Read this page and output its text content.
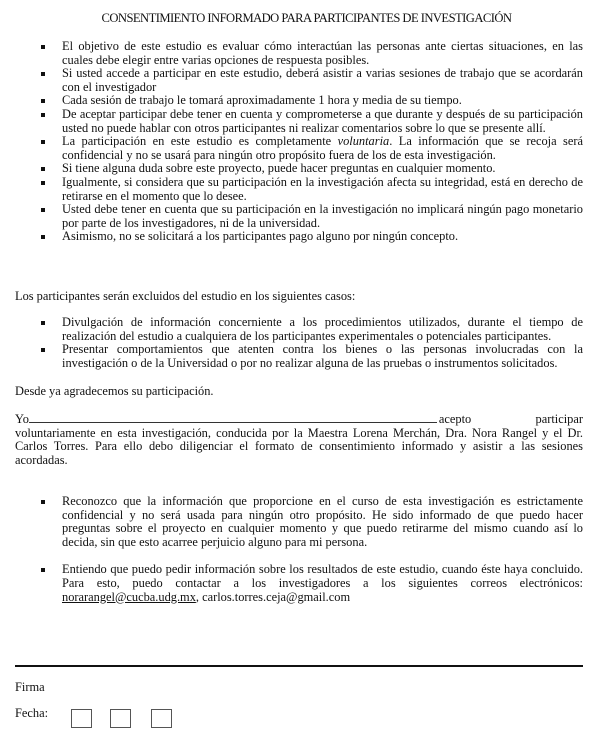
CONSENTIMIENTO INFORMADO PARA PARTICIPANTES DE INVESTIGACIÓN
El objetivo de este estudio es evaluar cómo interactúan las personas ante ciertas situaciones, en las cuales debe elegir entre varias opciones de respuesta posibles.
Si usted accede a participar en este estudio, deberá asistir a varias sesiones de trabajo que se acordarán con el investigador
Cada sesión de trabajo le tomará aproximadamente 1 hora y media de su tiempo.
De aceptar participar debe tener en cuenta y comprometerse a que durante y después de su participación usted no puede hablar con otros participantes ni realizar comentarios sobre lo que se presente allí.
La participación en este estudio es completamente voluntaria. La información que se recoja será confidencial y no se usará para ningún otro propósito fuera de los de esta investigación.
Si tiene alguna duda sobre este proyecto, puede hacer preguntas en cualquier momento.
Igualmente, si considera que su participación en la investigación afecta su integridad, está en derecho de retirarse en el momento que lo desee.
Usted debe tener en cuenta que su participación en la investigación no implicará ningún pago monetario por parte de los investigadores, ni de la universidad.
Asimismo, no se solicitará a los participantes pago alguno por ningún concepto.
Los participantes serán excluidos del estudio en los siguientes casos:
Divulgación de información concerniente a los procedimientos utilizados, durante el tiempo de realización del estudio a cualquiera de los participantes experimentales o potenciales participantes.
Presentar comportamientos que atenten contra los bienes o las personas involucradas con la investigación o de la Universidad o por no realizar alguna de las pruebas o instrumentos solicitados.
Desde ya agradecemos su participación.
Yo	acepto	participar
voluntariamente en esta investigación, conducida por la Maestra Lorena Merchán, Dra. Nora Rangel y el Dr. Carlos Torres. Para ello debo diligenciar el formato de consentimiento informado y asistir a las sesiones acordadas.
Reconozco que la información que proporcione en el curso de esta investigación es estrictamente confidencial y no será usada para ningún otro propósito. He sido informado de que puedo hacer preguntas sobre el proyecto en cualquier momento y que puedo retirarme del mismo cuando así lo decida, sin que esto acarree perjuicio alguno para mi persona.
Entiendo que puedo pedir información sobre los resultados de este estudio, cuando éste haya concluido. Para esto, puedo contactar a los investigadores a los siguientes correos electrónicos: norarangel@cucba.udg.mx, carlos.torres.ceja@gmail.com
Firma
Fecha:
